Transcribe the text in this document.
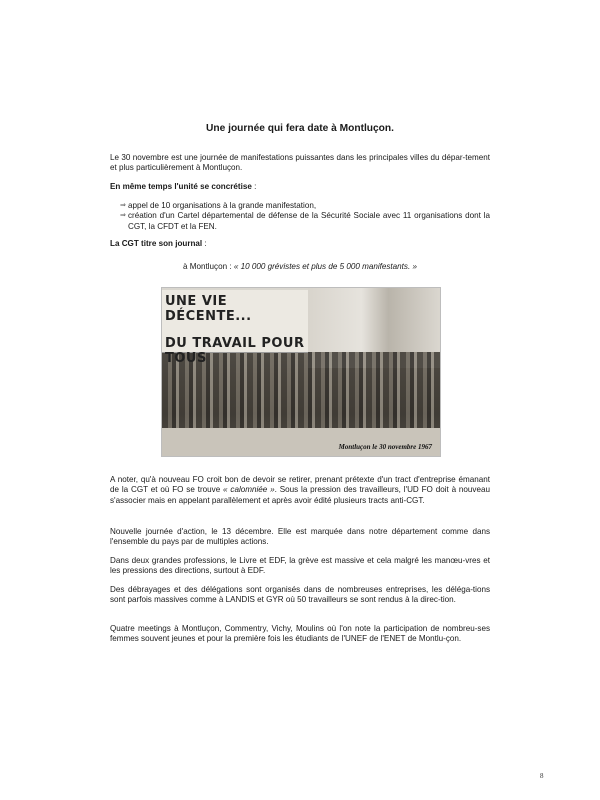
Une journée qui fera date à Montluçon.

Le 30 novembre est une journée de manifestations puissantes dans les principales villes du dépar-tement et plus particulièrement à Montluçon.

En même temps l'unité se concrétise :

⇒ appel de 10 organisations à la grande manifestation,
⇒ création d'un Cartel départemental de défense de la Sécurité Sociale avec 11 organisations dont la CGT, la CFDT et la FEN.

La CGT titre son journal :

à Montluçon : « 10 000 grévistes et plus de 5 000 manifestants. »

UNE VIE DÉCENTE...
DU TRAVAIL POUR TOUS
Montluçon le 30 novembre 1967

A noter, qu'à nouveau FO croit bon de devoir se retirer, prenant prétexte d'un tract d'entreprise émanant de la CGT et où FO se trouve « calomniée ». Sous la pression des travailleurs, l'UD FO doit à nouveau s'associer mais en appelant parallèlement et après avoir édité plusieurs tracts anti-CGT.

Nouvelle journée d'action, le 13 décembre. Elle est marquée dans notre département comme dans l'ensemble du pays par de multiples actions.

Dans deux grandes professions, le Livre et EDF, la grève est massive et cela malgré les manœu-vres et les pressions des directions, surtout à EDF.

Des débrayages et des délégations sont organisés dans de nombreuses entreprises, les déléga-tions sont parfois massives comme à LANDIS et GYR où 50 travailleurs se sont rendus à la direc-tion.

Quatre meetings à Montluçon, Commentry, Vichy, Moulins où l'on note la participation de nombreu-ses femmes souvent jeunes et pour la première fois les étudiants de l'UNEF de l'ENET de Montlu-çon.

8
